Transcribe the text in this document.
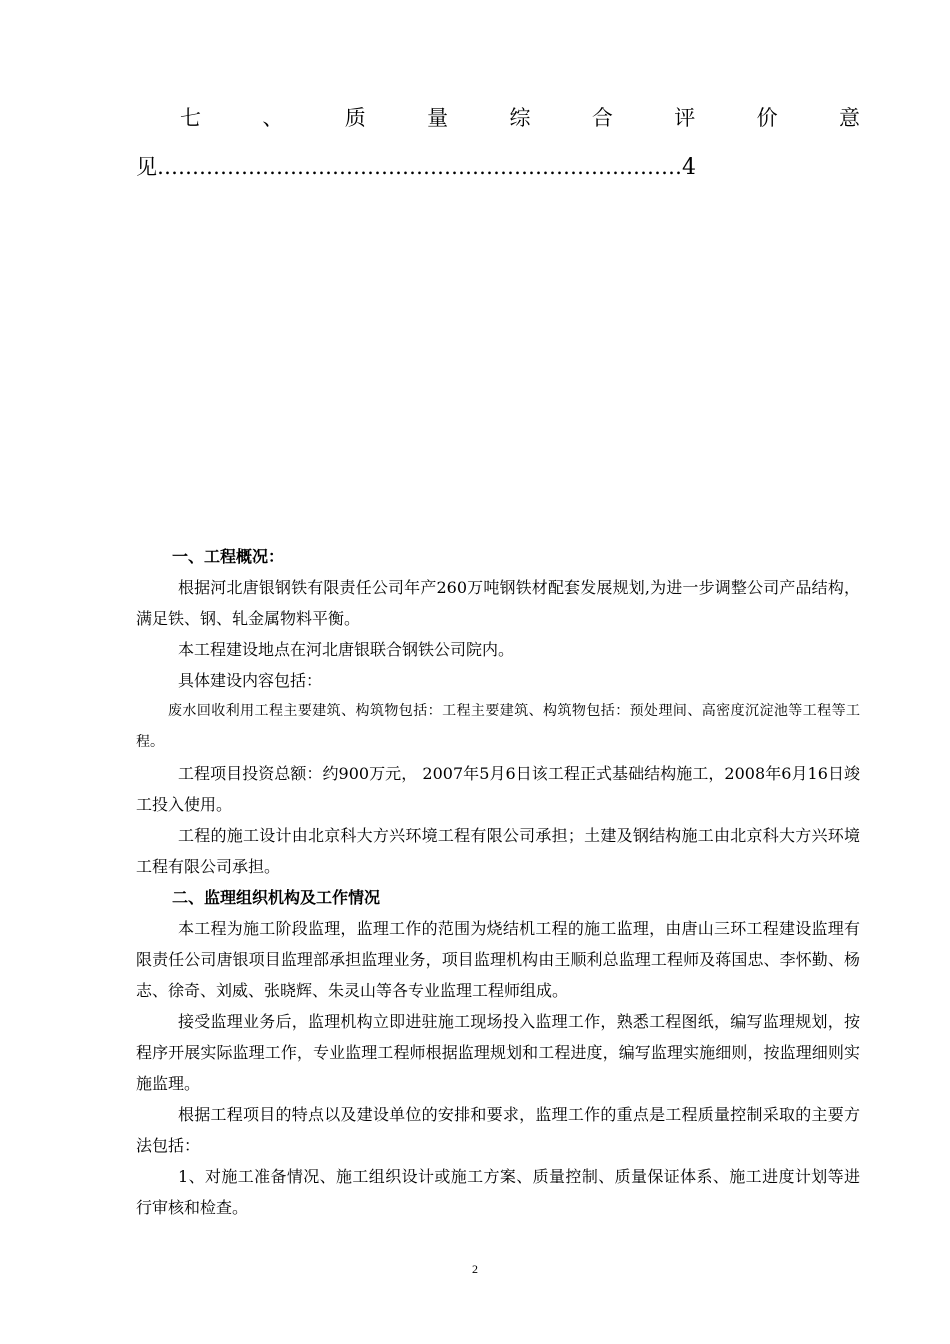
七	、	质	量	综	合	评	价	意
见…………………………………………………………………4

一、工程概况：

根据河北唐银钢铁有限责任公司年产260万吨钢铁材配套发展规划,为进一步调整公司产品结构，满足铁、钢、轧金属物料平衡。

本工程建设地点在河北唐银联合钢铁公司院内。

具体建设内容包括：

废水回收利用工程主要建筑、构筑物包括：工程主要建筑、构筑物包括：预处理间、高密度沉淀池等工程等工程。

工程项目投资总额：约900万元， 2007年5月6日该工程正式基础结构施工，2008年6月16日竣工投入使用。

工程的施工设计由北京科大方兴环境工程有限公司承担；土建及钢结构施工由北京科大方兴环境工程有限公司承担。

二、监理组织机构及工作情况

本工程为施工阶段监理，监理工作的范围为烧结机工程的施工监理，由唐山三环工程建设监理有限责任公司唐银项目监理部承担监理业务，项目监理机构由王顺利总监理工程师及蒋国忠、李怀勤、杨志、徐奇、刘威、张晓辉、朱灵山等各专业监理工程师组成。

接受监理业务后，监理机构立即进驻施工现场投入监理工作，熟悉工程图纸，编写监理规划，按程序开展实际监理工作，专业监理工程师根据监理规划和工程进度，编写监理实施细则，按监理细则实施监理。

根据工程项目的特点以及建设单位的安排和要求，监理工作的重点是工程质量控制采取的主要方法包括：

1、对施工准备情况、施工组织设计或施工方案、质量控制、质量保证体系、施工进度计划等进行审核和检查。

2
